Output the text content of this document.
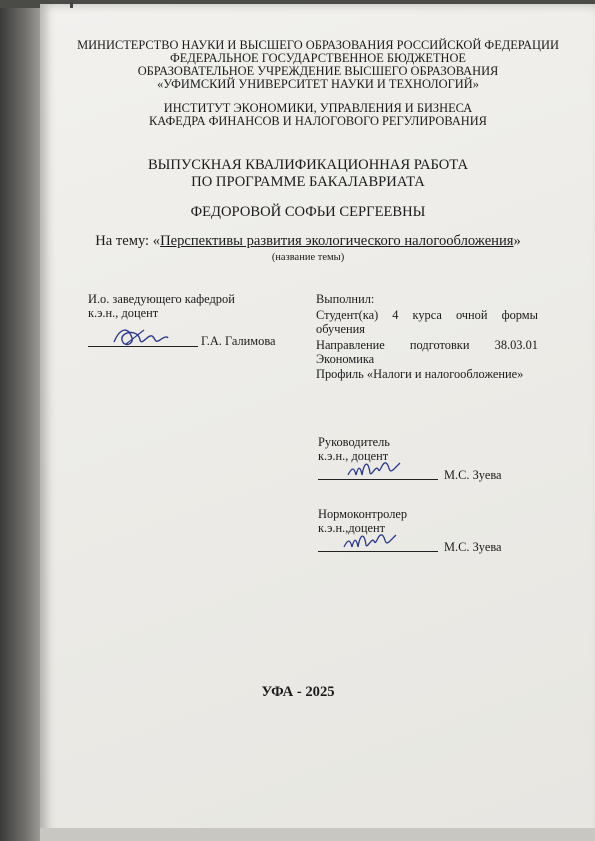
МИНИСТЕРСТВО НАУКИ И ВЫСШЕГО ОБРАЗОВАНИЯ РОССИЙСКОЙ ФЕДЕРАЦИИ
ФЕДЕРАЛЬНОЕ ГОСУДАРСТВЕННОЕ БЮДЖЕТНОЕ
ОБРАЗОВАТЕЛЬНОЕ УЧРЕЖДЕНИЕ ВЫСШЕГО ОБРАЗОВАНИЯ
«УФИМСКИЙ УНИВЕРСИТЕТ НАУКИ И ТЕХНОЛОГИЙ»
ИНСТИТУТ ЭКОНОМИКИ, УПРАВЛЕНИЯ И БИЗНЕСА
КАФЕДРА ФИНАНСОВ И НАЛОГОВОГО РЕГУЛИРОВАНИЯ
ВЫПУСКНАЯ КВАЛИФИКАЦИОННАЯ РАБОТА
ПО ПРОГРАММЕ БАКАЛАВРИАТА
ФЕДОРОВОЙ СОФЬИ СЕРГЕЕВНЫ
На тему: «Перспективы развития экологического налогообложения»
(название темы)
И.о. заведующего кафедрой
к.э.н., доцент
Г.А. Галимова
Выполнил:
Студент(ка) 4 курса очной формы
обучения
Направление подготовки 38.03.01
Экономика
Профиль «Налоги и налогообложение»
Руководитель
к.э.н., доцент
М.С. Зуева
Нормоконтролер
к.э.н.,доцент
М.С. Зуева
УФА - 2025
